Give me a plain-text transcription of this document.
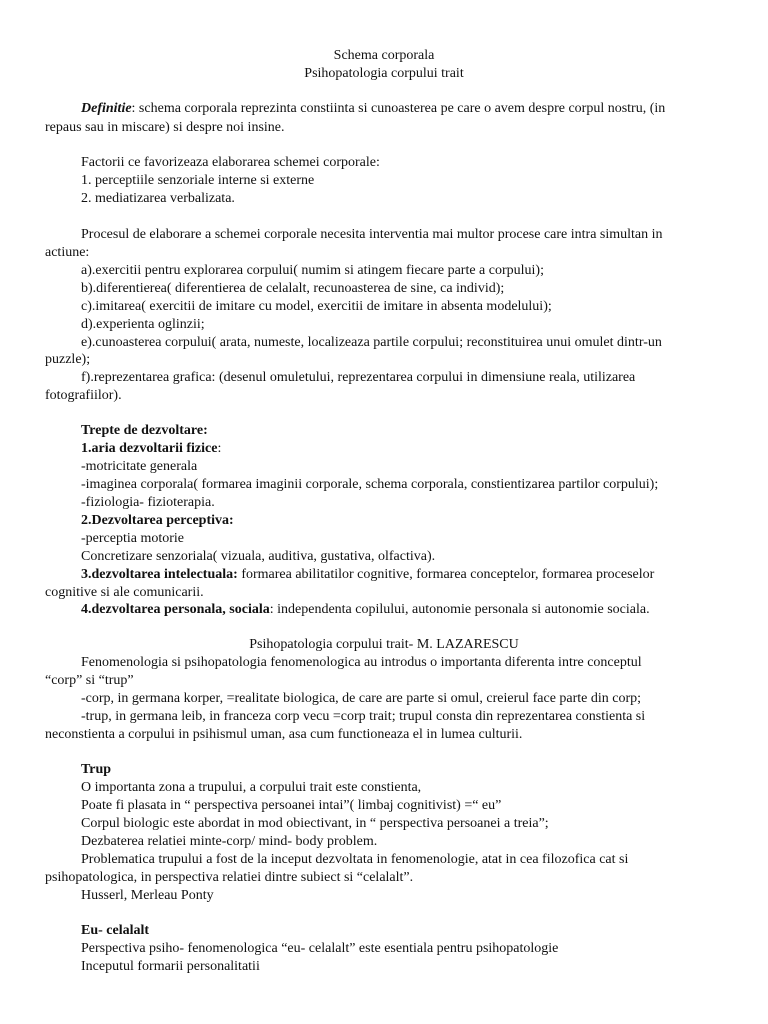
Schema corporala
Psihopatologia corpului trait
Definitie: schema corporala reprezinta constiinta si cunoasterea pe care o avem despre corpul nostru, (in
repaus sau in miscare) si despre noi insine.
Factorii ce favorizeaza elaborarea schemei corporale:
1. perceptiile senzoriale interne si externe
2. mediatizarea verbalizata.
Procesul de elaborare a schemei corporale necesita interventia mai multor procese care intra simultan in
actiune:
a).exercitii pentru explorarea corpului( numim si atingem fiecare parte a corpului);
b).diferentierea( diferentierea de celalalt, recunoasterea de sine, ca individ);
c).imitarea( exercitii de imitare cu model, exercitii de imitare in absenta modelului);
d).experienta oglinzii;
e).cunoasterea corpului( arata, numeste, localizeaza partile corpului; reconstituirea unui omulet dintr-un
puzzle);
f).reprezentarea grafica: (desenul omuletului, reprezentarea corpului in dimensiune reala, utilizarea
fotografiilor).
Trepte de dezvoltare:
1.aria dezvoltarii fizice:
-motricitate generala
-imaginea corporala( formarea imaginii corporale, schema corporala, constientizarea partilor corpului);
-fiziologia- fizioterapia.
2.Dezvoltarea perceptiva:
-perceptia motorie
Concretizare senzoriala( vizuala, auditiva, gustativa, olfactiva).
3.dezvoltarea intelectuala: formarea abilitatilor cognitive, formarea conceptelor, formarea proceselor
cognitive si ale comunicarii.
4.dezvoltarea personala, sociala: independenta copilului, autonomie personala si autonomie sociala.
Psihopatologia corpului trait- M. LAZARESCU
Fenomenologia si psihopatologia fenomenologica au introdus o importanta diferenta intre conceptul
“corp” si “trup”
-corp, in germana korper, =realitate biologica, de care are parte si omul, creierul face parte din corp;
-trup, in germana leib, in franceza corp vecu =corp trait; trupul consta din reprezentarea constienta si
neconstienta a corpului in psihismul uman, asa cum functioneaza el in lumea culturii.
Trup
O importanta zona a trupului, a corpului trait este constienta,
Poate fi plasata in “ perspectiva persoanei intai”( limbaj cognitivist) =“ eu”
Corpul biologic este abordat in mod obiectivant, in “ perspectiva persoanei a treia”;
Dezbaterea relatiei minte-corp/ mind- body problem.
Problematica trupului a fost de la inceput dezvoltata in fenomenologie, atat in cea filozofica cat si
psihopatologica, in perspectiva relatiei dintre subiect si “celalalt”.
Husserl, Merleau Ponty
Eu- celalalt
Perspectiva psiho- fenomenologica “eu- celalalt” este esentiala pentru psihopatologie
Inceputul formarii personalitatii
